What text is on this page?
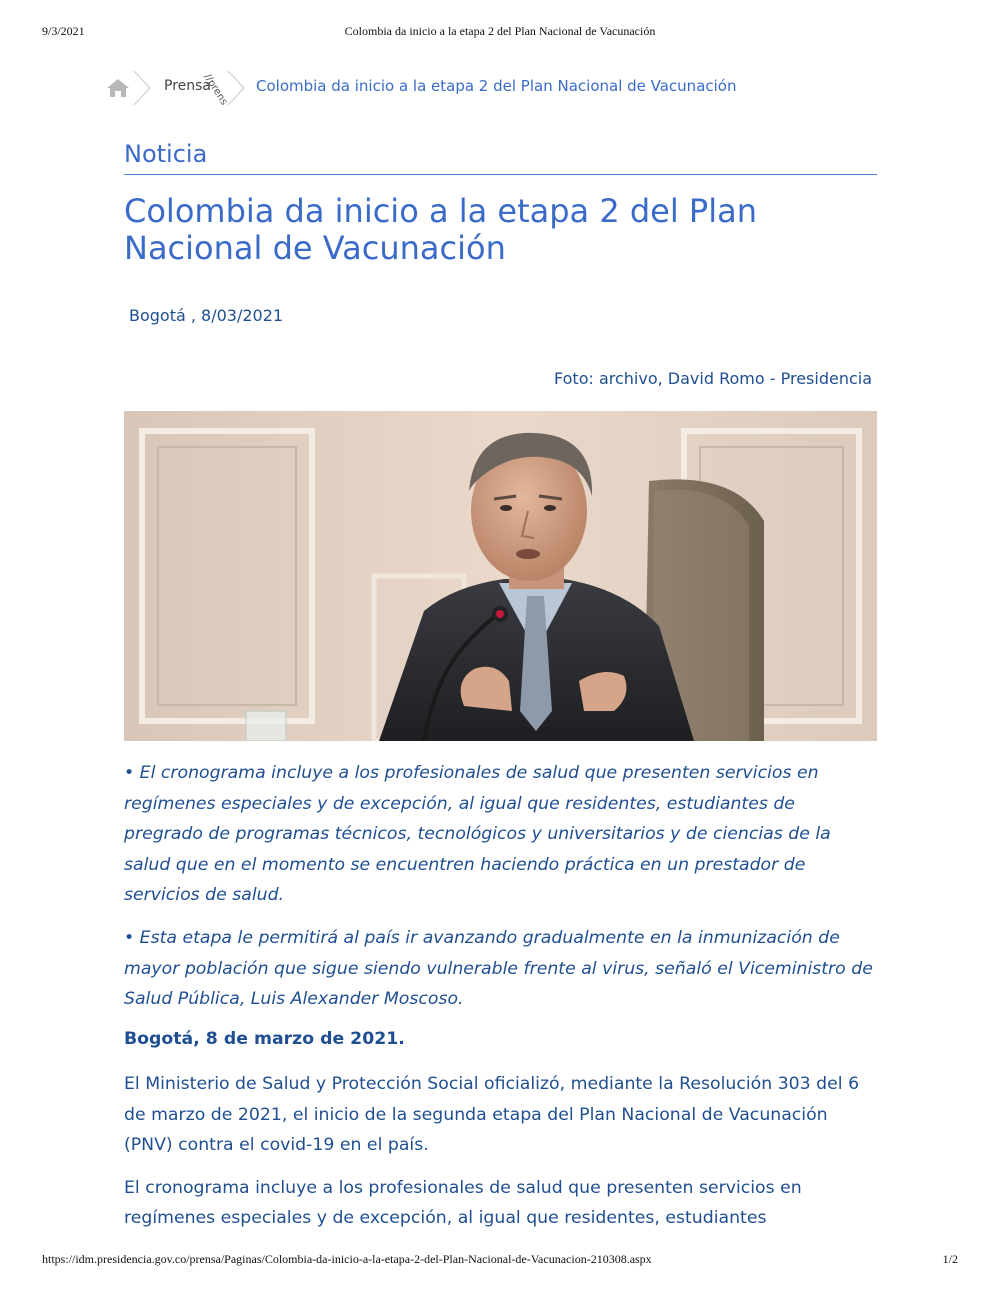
9/3/2021	Colombia da inicio a la etapa 2 del Plan Nacional de Vacunación
Prensa
//prens Colombia da inicio a la etapa 2 del Plan Nacional de Vacunación
Noticia
Colombia da inicio a la etapa 2 del Plan Nacional de Vacunación
Bogotá , 8/03/2021
Foto: archivo, David Romo - Presidencia

• El cronograma incluye a los profesionales de salud que presenten servicios en regímenes especiales y de excepción, al igual que residentes, estudiantes de pregrado de programas técnicos, tecnológicos y universitarios y de ciencias de la salud que en el momento se encuentren haciendo práctica en un prestador de servicios de salud.

• Esta etapa le permitirá al país ir avanzando gradualmente en la inmunización de mayor población que sigue siendo vulnerable frente al virus, señaló el Viceministro de Salud Pública, Luis Alexander Moscoso.

Bogotá, 8 de marzo de 2021.

El Ministerio de Salud y Protección Social oficializó, mediante la Resolución 303 del 6 de marzo de 2021, el inicio de la segunda etapa del Plan Nacional de Vacunación (PNV) contra el covid-19 en el país.

El cronograma incluye a los profesionales de salud que presenten servicios en regímenes especiales y de excepción, al igual que residentes, estudiantes

https://idm.presidencia.gov.co/prensa/Paginas/Colombia-da-inicio-a-la-etapa-2-del-Plan-Nacional-de-Vacunacion-210308.aspx	1/2
